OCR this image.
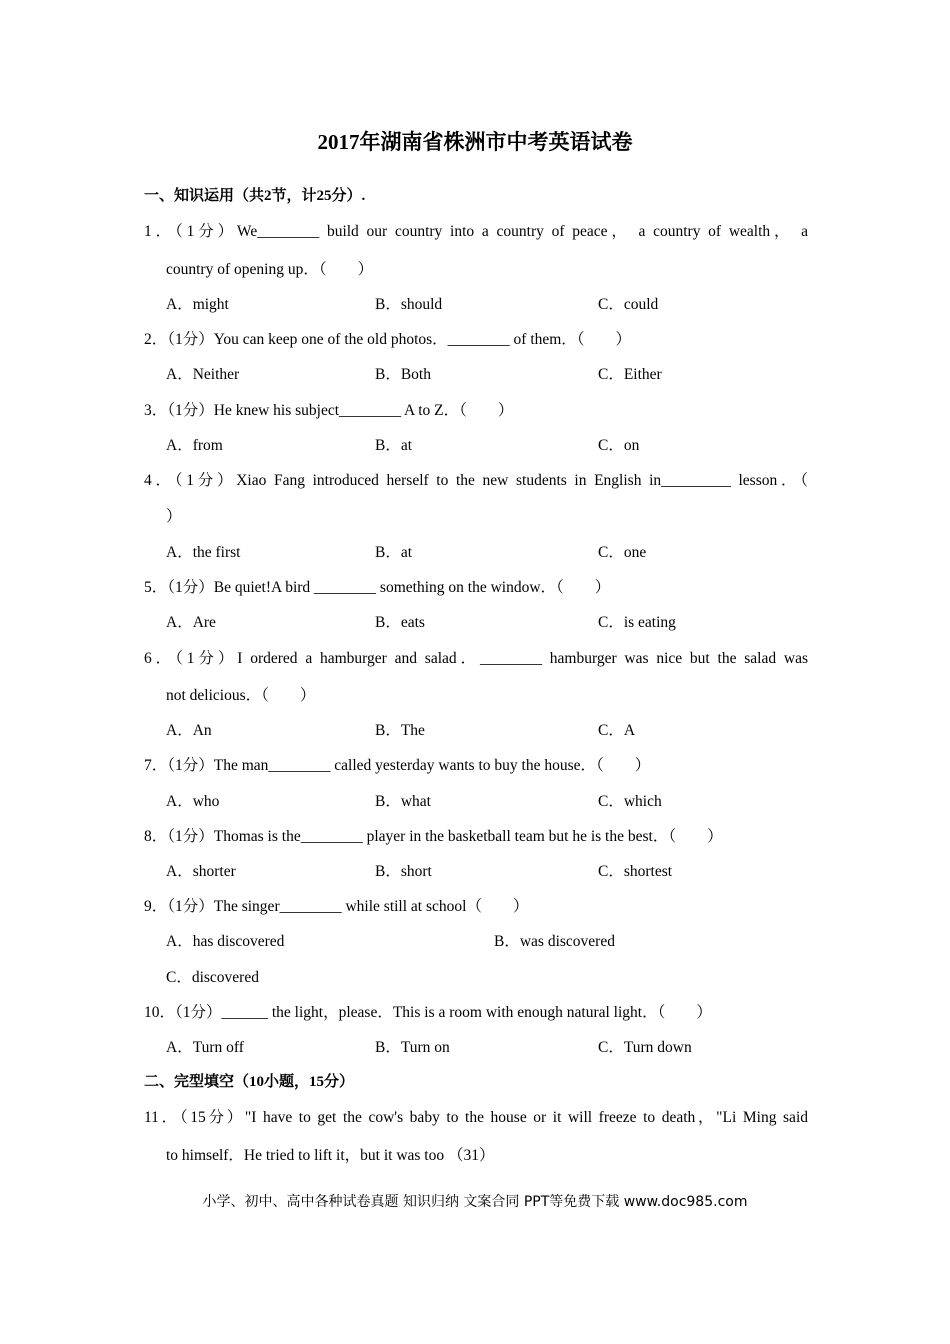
2017年湖南省株洲市中考英语试卷
一、知识运用（共2节，计25分）.
1．（1分）We________ build our country into a country of peace， a country of wealth， a
country of opening up．（　　）
A．might	B．should	C．could
2．（1分）You can keep one of the old photos．________ of them．（　　）
A．Neither	B．Both	C．Either
3．（1分）He knew his subject________ A to Z．（　　）
A．from	B．at	C．on
4．（1分）Xiao Fang introduced herself to the new students in English in_________ lesson．（
）
A．the first	B．at	C．one
5．（1分）Be quiet!A bird ________ something on the window．（　　）
A．Are	B．eats	C．is eating
6．（1分）I ordered a hamburger and salad．________ hamburger was nice but the salad was
not delicious．（　　）
A．An	B．The	C．A
7．（1分）The man________ called yesterday wants to buy the house．（　　）
A．who	B．what	C．which
8．（1分）Thomas is the________ player in the basketball team but he is the best．（　　）
A．shorter	B．short	C．shortest
9．（1分）The singer________ while still at school（　　）
A．has discovered	B．was discovered
C．discovered
10．（1分）______ the light，please．This is a room with enough natural light．（　　）
A．Turn off	B．Turn on	C．Turn down
二、完型填空（10小题，15分）
11．（15分）"I have to get the cow's baby to the house or it will freeze to death，"Li Ming said
to himself．He tried to lift it，but it was too （31）
小学、初中、高中各种试卷真题 知识归纳 文案合同 PPT等免费下载 www.doc985.com
